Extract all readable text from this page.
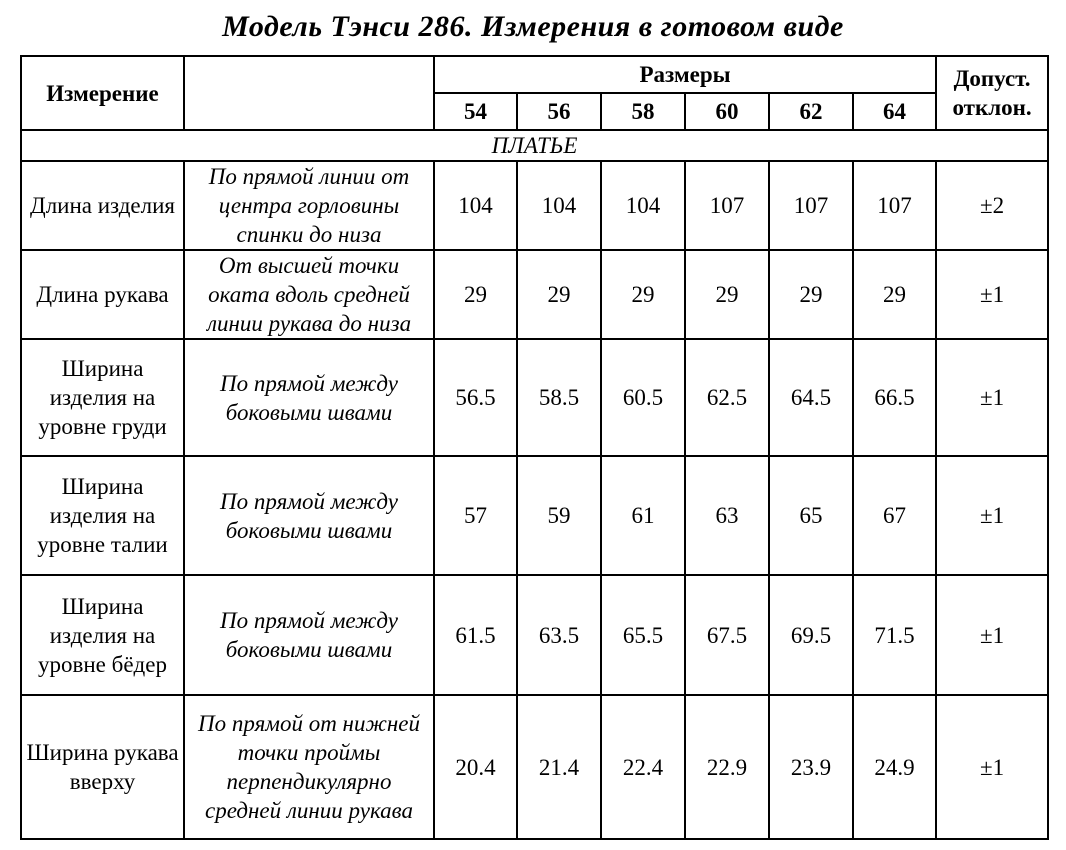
Модель Тэнси 286. Измерения в готовом виде
Измерение		Размеры						Допуст. отклон.
		54	56	58	60	62	64	
ПЛАТЬЕ								
Длина изделия	По прямой линии от центра горловины спинки до низа	104	104	104	107	107	107	±2
Длина рукава	От высшей точки оката вдоль средней линии рукава до низа	29	29	29	29	29	29	±1
Ширина изделия на уровне груди	По прямой между боковыми швами	56.5	58.5	60.5	62.5	64.5	66.5	±1
Ширина изделия на уровне талии	По прямой между боковыми швами	57	59	61	63	65	67	±1
Ширина изделия на уровне бёдер	По прямой между боковыми швами	61.5	63.5	65.5	67.5	69.5	71.5	±1
Ширина рукава вверху	По прямой от нижней точки проймы перпендикулярно средней линии рукава	20.4	21.4	22.4	22.9	23.9	24.9	±1
